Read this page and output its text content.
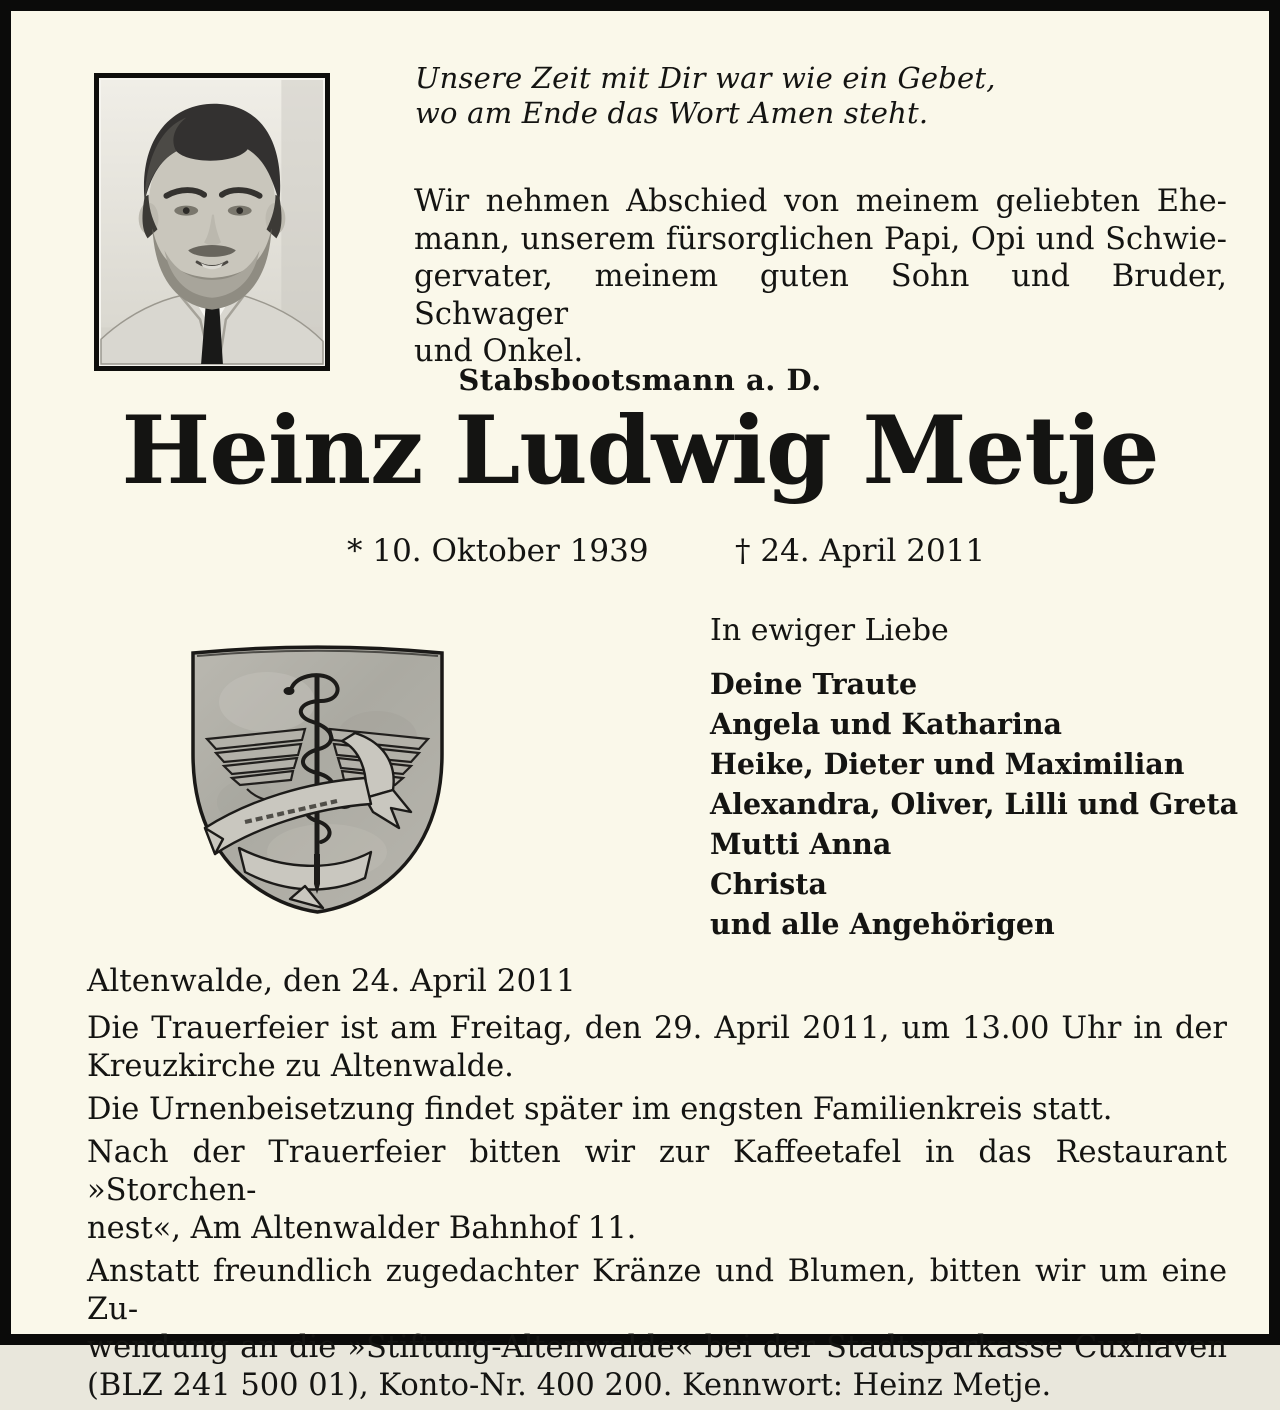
Unsere Zeit mit Dir war wie ein Gebet,
wo am Ende das Wort Amen steht.
Wir nehmen Abschied von meinem geliebten Ehe-
mann, unserem fürsorglichen Papi, Opi und Schwie-
gervater, meinem guten Sohn und Bruder, Schwager
und Onkel.
Stabsbootsmann a. D.
Heinz Ludwig Metje
* 10. Oktober 1939	† 24. April 2011
In ewiger Liebe
Deine Traute
Angela und Katharina
Heike, Dieter und Maximilian
Alexandra, Oliver, Lilli und Greta
Mutti Anna
Christa
und alle Angehörigen
Altenwalde, den 24. April 2011

Die Trauerfeier ist am Freitag, den 29. April 2011, um 13.00 Uhr in der
Kreuzkirche zu Altenwalde.

Die Urnenbeisetzung findet später im engsten Familienkreis statt.

Nach der Trauerfeier bitten wir zur Kaffeetafel in das Restaurant »Storchen-
nest«, Am Altenwalder Bahnhof 11.

Anstatt freundlich zugedachter Kränze und Blumen, bitten wir um eine Zu-
wendung an die »Stiftung-Altenwalde« bei der Stadtsparkasse Cuxhaven
(BLZ 241 500 01), Konto-Nr. 400 200. Kennwort: Heinz Metje.
